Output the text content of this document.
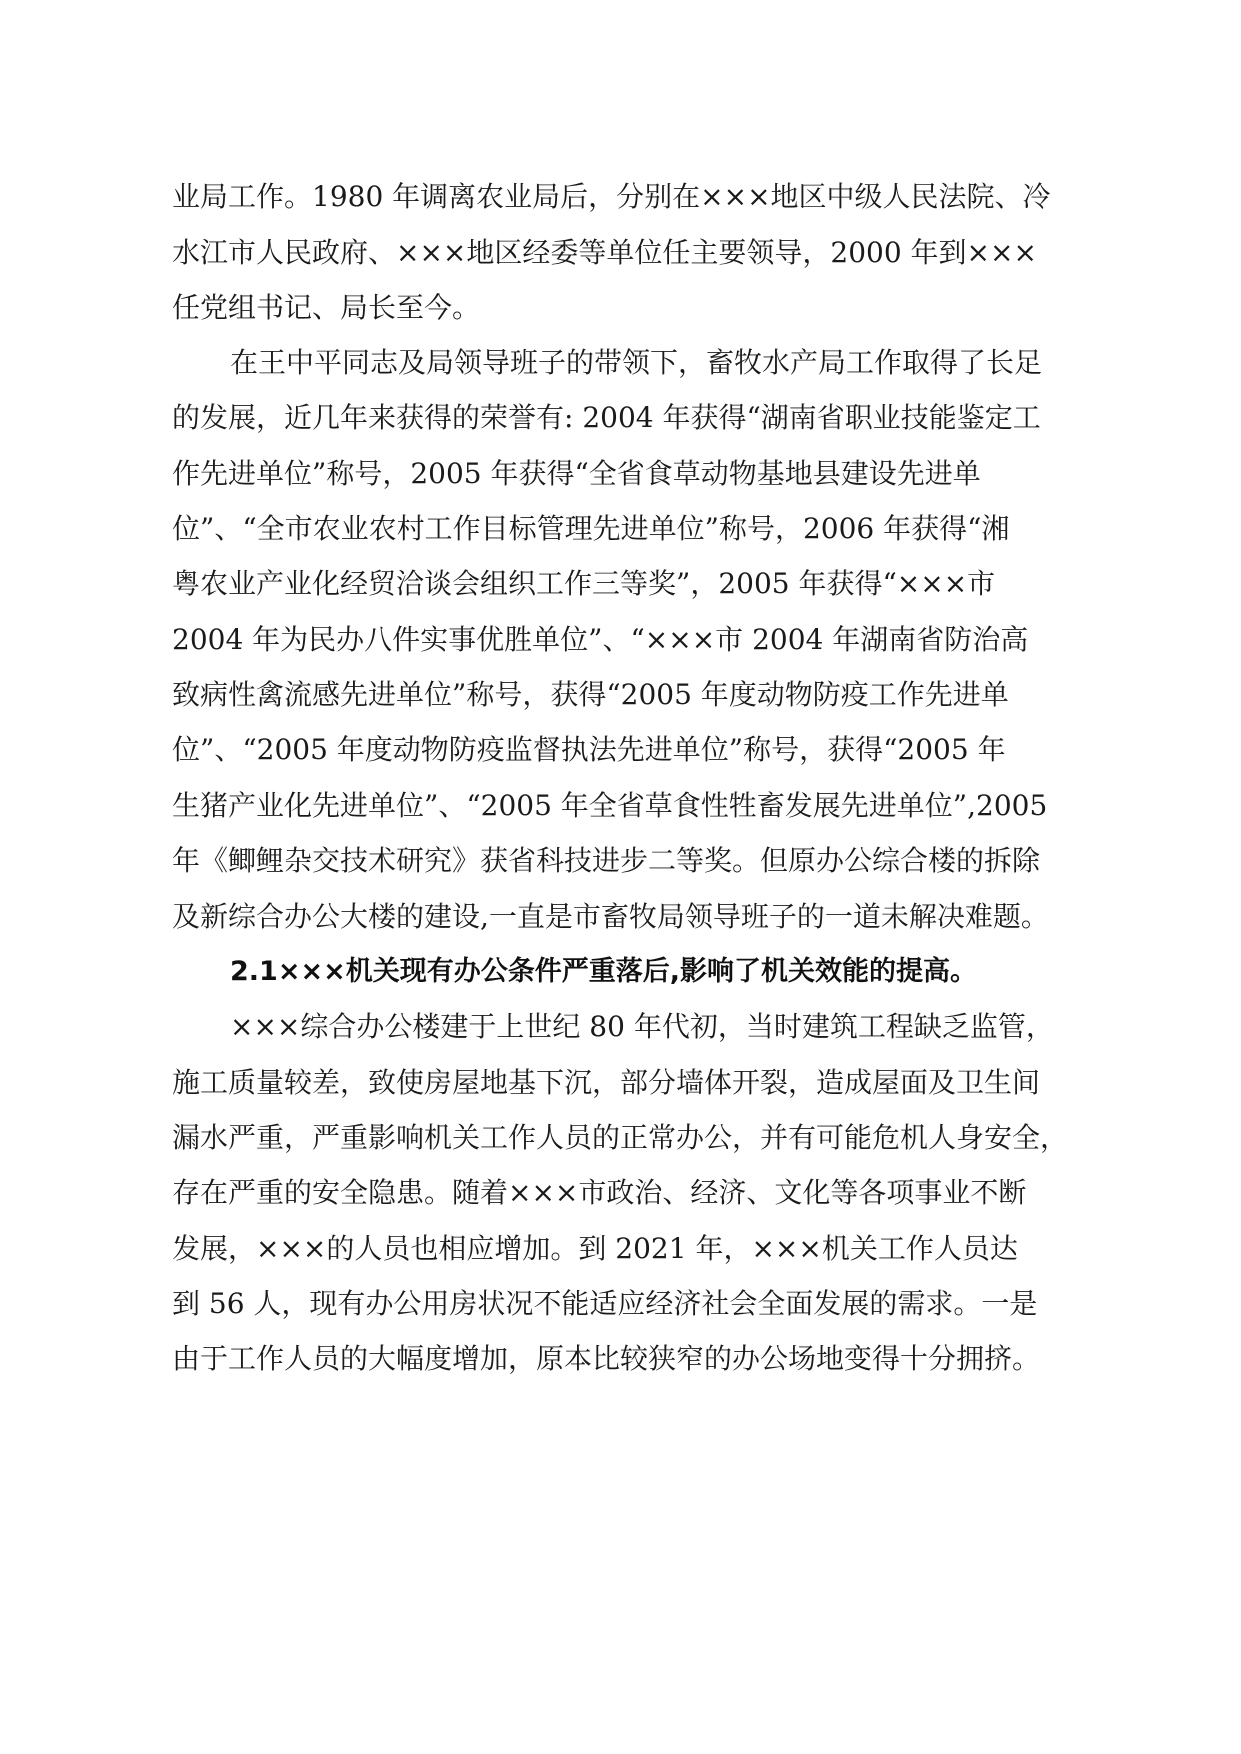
业局工作。1980 年调离农业局后，分别在×××地区中级人民法院、冷
水江市人民政府、×××地区经委等单位任主要领导，2000 年到×××
任党组书记、局长至今。
在王中平同志及局领导班子的带领下，畜牧水产局工作取得了长足
的发展，近几年来获得的荣誉有: 2004 年获得“湖南省职业技能鉴定工
作先进单位”称号，2005 年获得“全省食草动物基地县建设先进单
位”、“全市农业农村工作目标管理先进单位”称号，2006 年获得“湘
粤农业产业化经贸洽谈会组织工作三等奖”，2005 年获得“×××市
2004 年为民办八件实事优胜单位”、“×××市 2004 年湖南省防治高
致病性禽流感先进单位”称号，获得“2005 年度动物防疫工作先进单
位”、“2005 年度动物防疫监督执法先进单位”称号，获得“2005 年
生猪产业化先进单位”、“2005 年全省草食性牲畜发展先进单位”,2005
年《鲫鲤杂交技术研究》获省科技进步二等奖。但原办公综合楼的拆除
及新综合办公大楼的建设,一直是市畜牧局领导班子的一道未解决难题。
2.1×××机关现有办公条件严重落后,影响了机关效能的提高。
×××综合办公楼建于上世纪 80 年代初，当时建筑工程缺乏监管，
施工质量较差，致使房屋地基下沉，部分墙体开裂，造成屋面及卫生间
漏水严重，严重影响机关工作人员的正常办公，并有可能危机人身安全，
存在严重的安全隐患。随着×××市政治、经济、文化等各项事业不断
发展，×××的人员也相应增加。到 2021 年，×××机关工作人员达
到 56 人，现有办公用房状况不能适应经济社会全面发展的需求。一是
由于工作人员的大幅度增加，原本比较狭窄的办公场地变得十分拥挤。
